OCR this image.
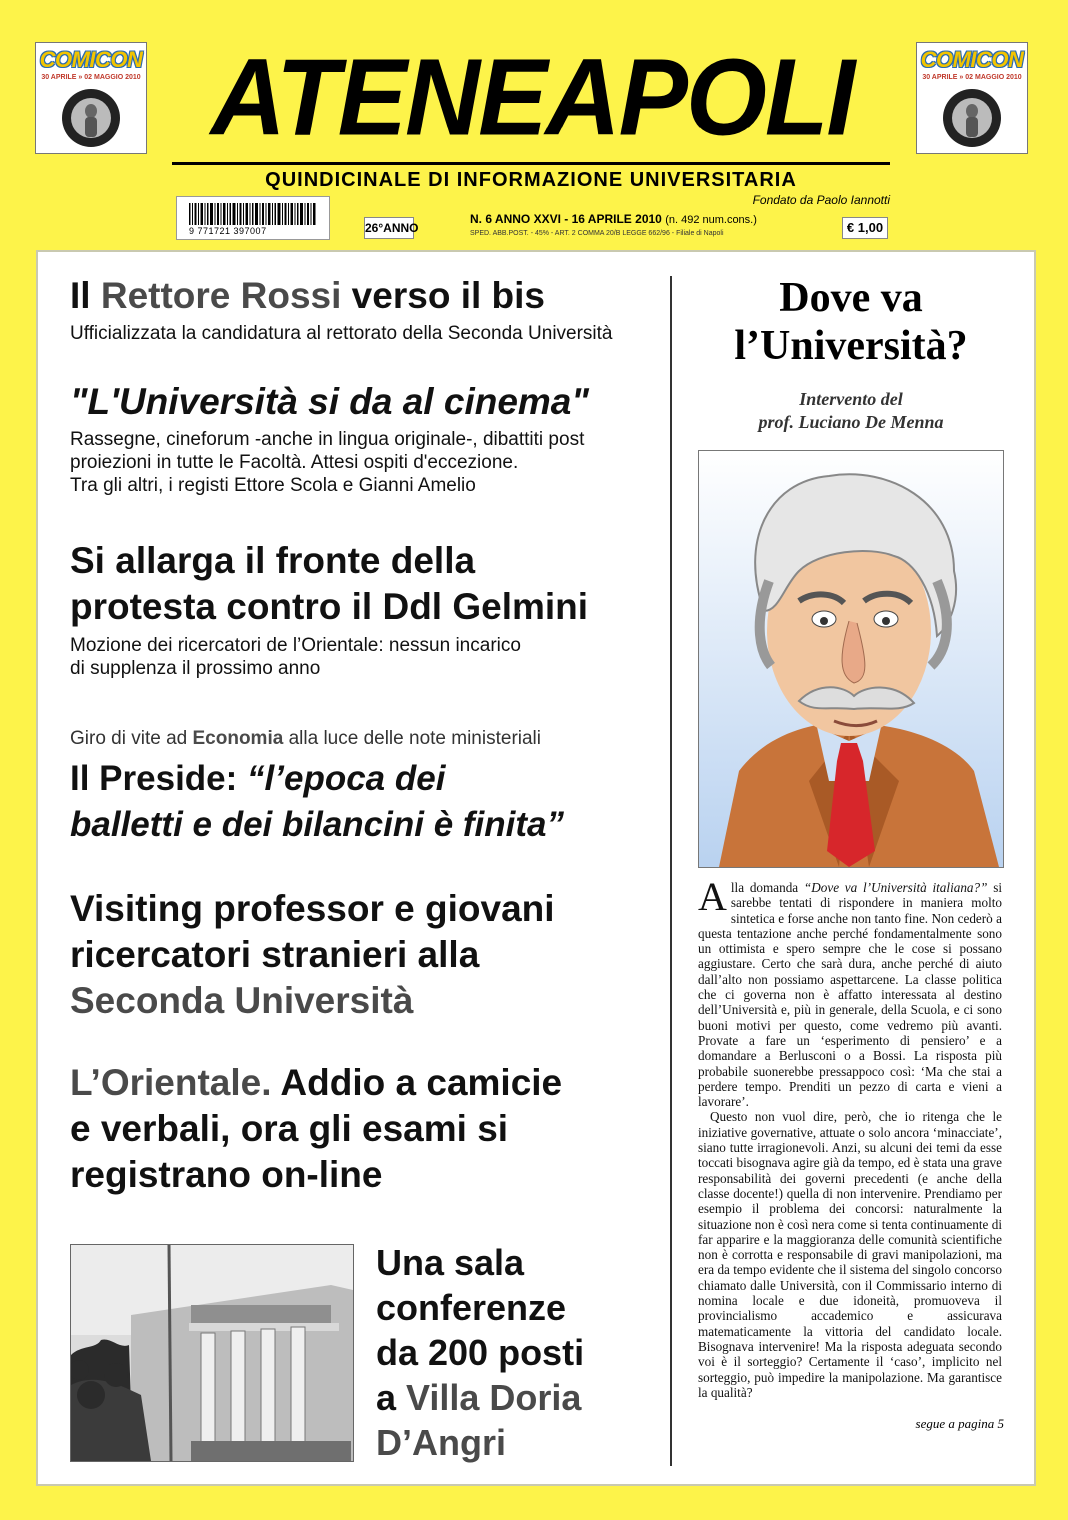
COMICON
30 APRILE » 02 MAGGIO 2010
COMICON
30 APRILE » 02 MAGGIO 2010
ATENEAPOLI
QUINDICINALE DI INFORMAZIONE UNIVERSITARIA
Fondato da Paolo Iannotti
9 771721 397007	26°ANNO
N. 6 ANNO XXVI - 16 APRILE 2010 (n. 492 num.cons.)
SPED. ABB.POST. - 45% - ART. 2 COMMA 20/B LEGGE 662/96 - Filiale di Napoli	€ 1,00
Il Rettore Rossi verso il bis
Ufficializzata la candidatura al rettorato della Seconda Università
"L'Università si da al cinema"
Rassegne, cineforum -anche in lingua originale-, dibattiti post
proiezioni in tutte le Facoltà. Attesi ospiti d'eccezione.
Tra gli altri, i registi Ettore Scola e Gianni Amelio
Si allarga il fronte della
protesta contro il Ddl Gelmini
Mozione dei ricercatori de l’Orientale: nessun incarico
di supplenza il prossimo anno
Giro di vite ad Economia alla luce delle note ministeriali
Il Preside: “l’epoca dei
balletti e dei bilancini è finita”
Visiting professor e giovani
ricercatori stranieri alla
Seconda Università
L’Orientale. Addio a camicie
e verbali, ora gli esami si
registrano on-line
Una sala
conferenze
da 200 posti
a Villa Doria
D’Angri
Dove va
l’Università?
Intervento del
prof. Luciano De Menna

Alla domanda “Dove va l’Università italiana?” si sarebbe tentati di rispondere in maniera molto sintetica e forse anche non tanto fine. Non cederò a questa tentazione anche perché fondamentalmente sono un ottimista e spero sempre che le cose si possano aggiustare. Certo che sarà dura, anche perché di aiuto dall’alto non possiamo aspettarcene. La classe politica che ci governa non è affatto interessata al destino dell’Università e, più in generale, della Scuola, e ci sono buoni motivi per questo, come vedremo più avanti. Provate a fare un ‘esperimento di pensiero’ e a domandare a Berlusconi o a Bossi. La risposta più probabile suonerebbe pressappoco così: ‘Ma che stai a perdere tempo. Prenditi un pezzo di carta e vieni a lavorare’.

Questo non vuol dire, però, che io ritenga che le iniziative governative, attuate o solo ancora ‘minacciate’, siano tutte irragionevoli. Anzi, su alcuni dei temi da esse toccati bisognava agire già da tempo, ed è stata una grave responsabilità dei governi precedenti (e anche della classe docente!) quella di non intervenire. Prendiamo per esempio il problema dei concorsi: naturalmente la situazione non è così nera come si tenta continuamente di far apparire e la maggioranza delle comunità scientifiche non è corrotta e responsabile di gravi manipolazioni, ma era da tempo evidente che il sistema del singolo concorso chiamato dalle Università, con il Commissario interno di nomina locale e due idoneità, promuoveva il provincialismo accademico e assicurava matematicamente la vittoria del candidato locale. Bisognava intervenire! Ma la risposta adeguata secondo voi è il sorteggio? Certamente il ‘caso’, implicito nel sorteggio, può impedire la manipolazione. Ma garantisce la qualità?

segue a pagina 5
